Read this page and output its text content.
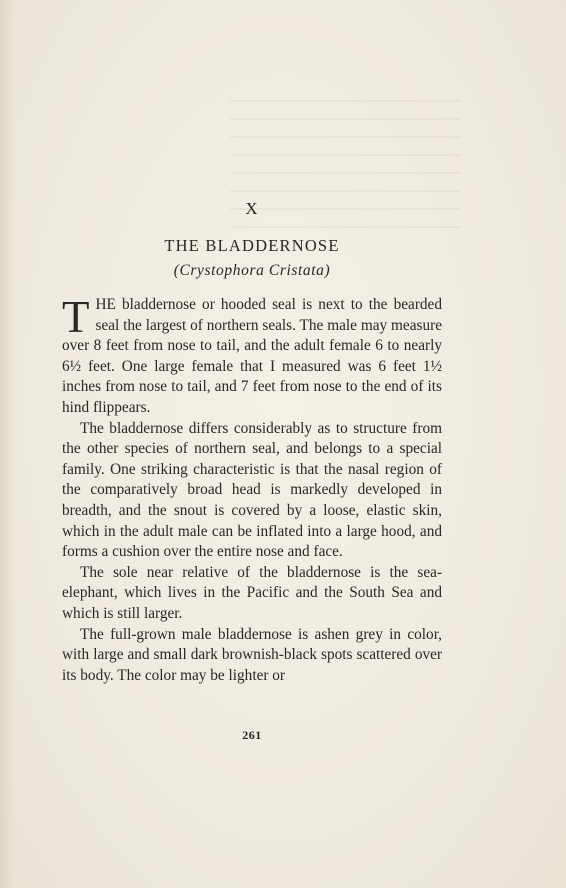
X
THE BLADDERNOSE
(Crystophora Cristata)

THE bladdernose or hooded seal is next to the bearded seal the largest of northern seals. The male may measure over 8 feet from nose to tail, and the adult female 6 to nearly 6½ feet. One large female that I measured was 6 feet 1½ inches from nose to tail, and 7 feet from nose to the end of its hind flippears.

The bladdernose differs considerably as to structure from the other species of northern seal, and belongs to a special family. One striking characteristic is that the nasal region of the comparatively broad head is markedly developed in breadth, and the snout is covered by a loose, elastic skin, which in the adult male can be inflated into a large hood, and forms a cushion over the entire nose and face.

The sole near relative of the bladdernose is the sea-elephant, which lives in the Pacific and the South Sea and which is still larger.

The full-grown male bladdernose is ashen grey in color, with large and small dark brownish-black spots scattered over its body. The color may be lighter or

261
